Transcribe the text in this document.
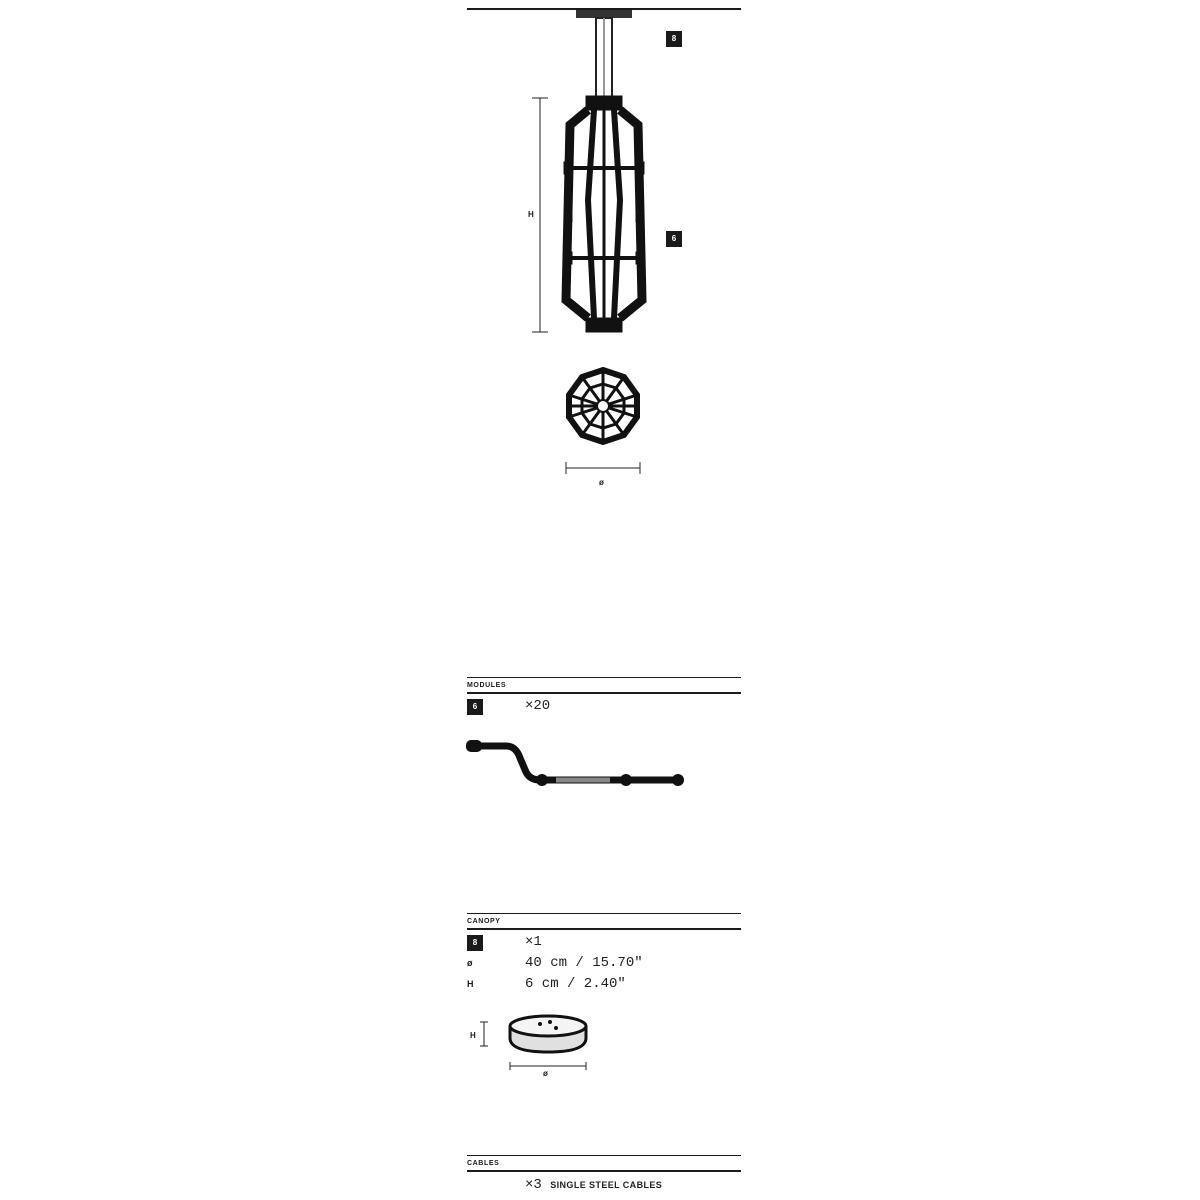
8
6
H
ø
MODULES
6	×20
CANOPY
8	×1
ø	40 cm / 15.70"
H	6 cm / 2.40"
H
ø
CABLES
×3 SINGLE STEEL CABLES
